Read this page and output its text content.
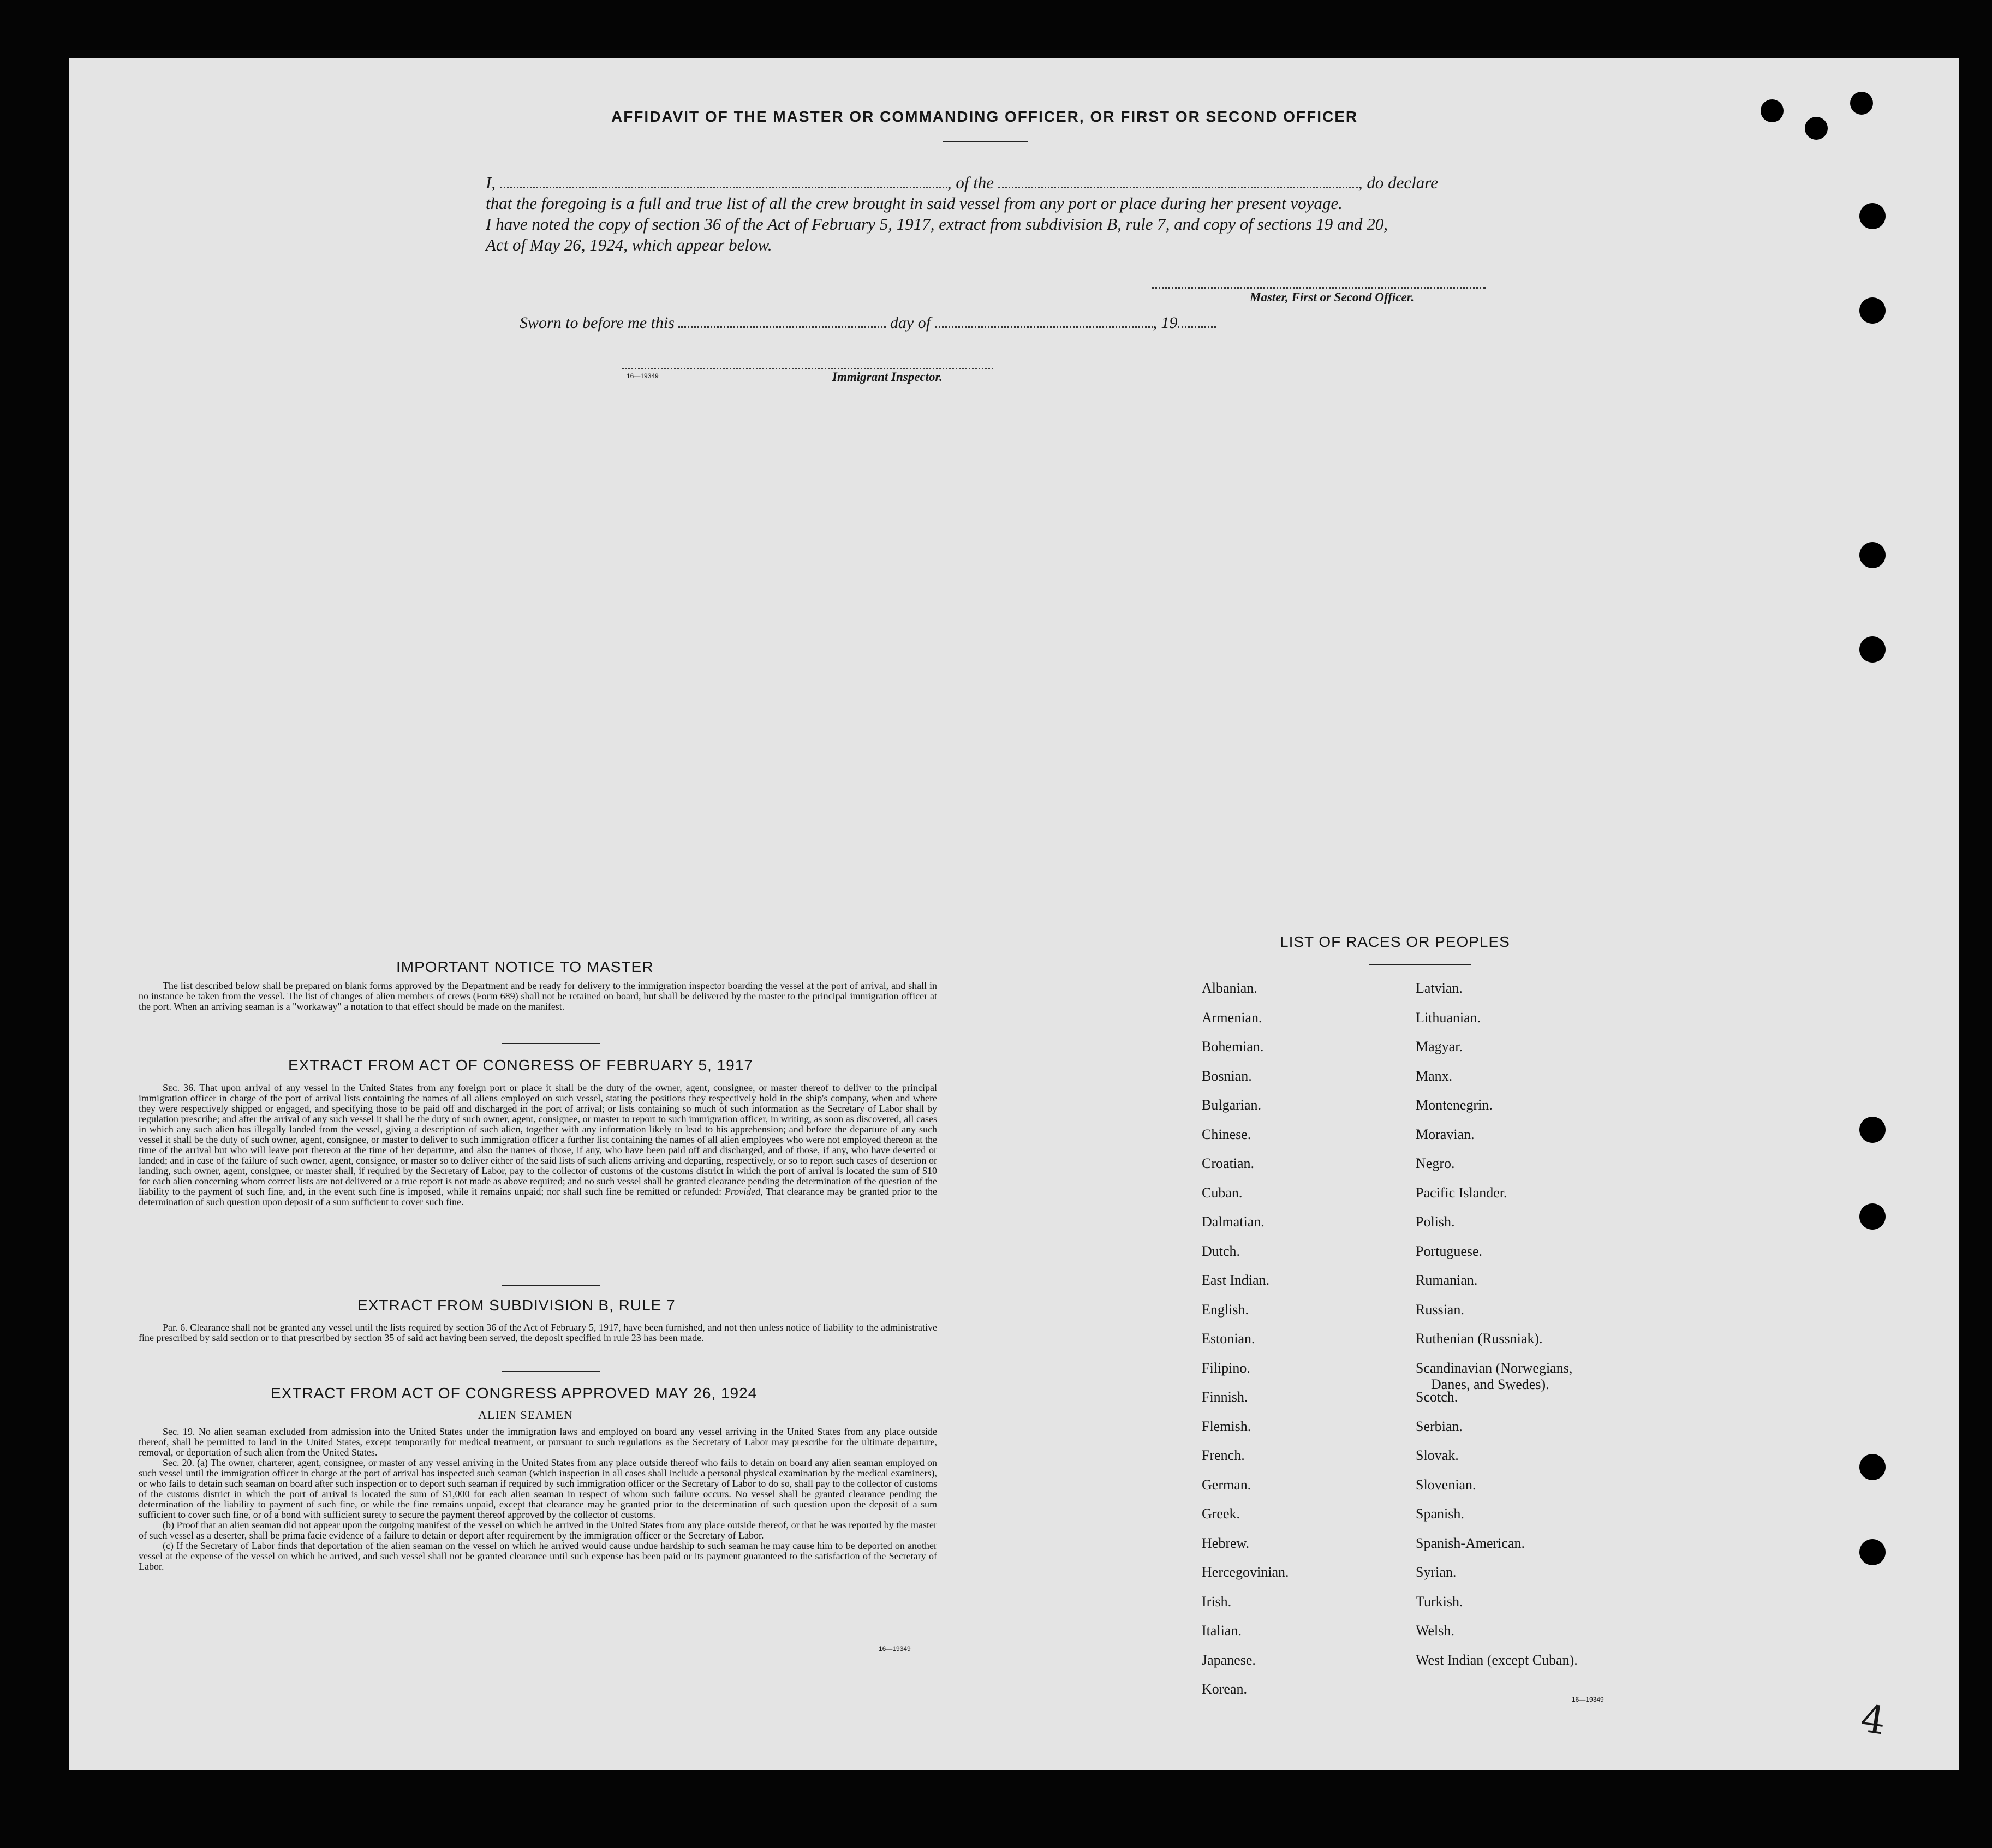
AFFIDAVIT OF THE MASTER OR COMMANDING OFFICER, OR FIRST OR SECOND OFFICER
I,	, of the	, do declare
that the foregoing is a full and true list of all the crew brought in said vessel from any port or place during her present voyage.
I have noted the copy of section 36 of the Act of February 5, 1917, extract from subdivision B, rule 7, and copy of sections 19 and 20,
Act of May 26, 1924, which appear below.
Master, First or Second Officer.
Sworn to before me this	day of	, 19
16—19349	Immigrant Inspector.
IMPORTANT NOTICE TO MASTER
The list described below shall be prepared on blank forms approved by the Department and be ready for delivery to the immigration inspector boarding the vessel at the port of arrival, and shall in no instance be taken from the vessel. The list of changes of alien members of crews (Form 689) shall not be retained on board, but shall be delivered by the master to the principal immigration officer at the port. When an arriving seaman is a "workaway" a notation to that effect should be made on the manifest.
EXTRACT FROM ACT OF CONGRESS OF FEBRUARY 5, 1917
Sec. 36. That upon arrival of any vessel in the United States from any foreign port or place it shall be the duty of the owner, agent, consignee, or master thereof to deliver to the principal immigration officer in charge of the port of arrival lists containing the names of all aliens employed on such vessel, stating the positions they respectively hold in the ship's company, when and where they were respectively shipped or engaged, and specifying those to be paid off and discharged in the port of arrival; or lists containing so much of such information as the Secretary of Labor shall by regulation prescribe; and after the arrival of any such vessel it shall be the duty of such owner, agent, consignee, or master to report to such immigration officer, in writing, as soon as discovered, all cases in which any such alien has illegally landed from the vessel, giving a description of such alien, together with any information likely to lead to his apprehension; and before the departure of any such vessel it shall be the duty of such owner, agent, consignee, or master to deliver to such immigration officer a further list containing the names of all alien employees who were not employed thereon at the time of the arrival but who will leave port thereon at the time of her departure, and also the names of those, if any, who have been paid off and discharged, and of those, if any, who have deserted or landed; and in case of the failure of such owner, agent, consignee, or master so to deliver either of the said lists of such aliens arriving and departing, respectively, or so to report such cases of desertion or landing, such owner, agent, consignee, or master shall, if required by the Secretary of Labor, pay to the collector of customs of the customs district in which the port of arrival is located the sum of $10 for each alien concerning whom correct lists are not delivered or a true report is not made as above required; and no such vessel shall be granted clearance pending the determination of the question of the liability to the payment of such fine, and, in the event such fine is imposed, while it remains unpaid; nor shall such fine be remitted or refunded: Provided, That clearance may be granted prior to the determination of such question upon deposit of a sum sufficient to cover such fine.
EXTRACT FROM SUBDIVISION B, RULE 7
Par. 6. Clearance shall not be granted any vessel until the lists required by section 36 of the Act of February 5, 1917, have been furnished, and not then unless notice of liability to the administrative fine prescribed by said section or to that prescribed by section 35 of said act having been served, the deposit specified in rule 23 has been made.
EXTRACT FROM ACT OF CONGRESS APPROVED MAY 26, 1924
ALIEN SEAMEN
Sec. 19. No alien seaman excluded from admission into the United States under the immigration laws and employed on board any vessel arriving in the United States from any place outside thereof, shall be permitted to land in the United States, except temporarily for medical treatment, or pursuant to such regulations as the Secretary of Labor may prescribe for the ultimate departure, removal, or deportation of such alien from the United States.
Sec. 20. (a) The owner, charterer, agent, consignee, or master of any vessel arriving in the United States from any place outside thereof who fails to detain on board any alien seaman employed on such vessel until the immigration officer in charge at the port of arrival has inspected such seaman (which inspection in all cases shall include a personal physical examination by the medical examiners), or who fails to detain such seaman on board after such inspection or to deport such seaman if required by such immigration officer or the Secretary of Labor to do so, shall pay to the collector of customs of the customs district in which the port of arrival is located the sum of $1,000 for each alien seaman in respect of whom such failure occurs. No vessel shall be granted clearance pending the determination of the liability to payment of such fine, or while the fine remains unpaid, except that clearance may be granted prior to the determination of such question upon the deposit of a sum sufficient to cover such fine, or of a bond with sufficient surety to secure the payment thereof approved by the collector of customs.
(b) Proof that an alien seaman did not appear upon the outgoing manifest of the vessel on which he arrived in the United States from any place outside thereof, or that he was reported by the master of such vessel as a deserter, shall be prima facie evidence of a failure to detain or deport after requirement by the immigration officer or the Secretary of Labor.
(c) If the Secretary of Labor finds that deportation of the alien seaman on the vessel on which he arrived would cause undue hardship to such seaman he may cause him to be deported on another vessel at the expense of the vessel on which he arrived, and such vessel shall not be granted clearance until such expense has been paid or its payment guaranteed to the satisfaction of the Secretary of Labor.
16—19349
LIST OF RACES OR PEOPLES
Albanian.
Armenian.
Bohemian.
Bosnian.
Bulgarian.
Chinese.
Croatian.
Cuban.
Dalmatian.
Dutch.
East Indian.
English.
Estonian.
Filipino.
Finnish.
Flemish.
French.
German.
Greek.
Hebrew.
Hercegovinian.
Irish.
Italian.
Japanese.
Korean.
Latvian.
Lithuanian.
Magyar.
Manx.
Montenegrin.
Moravian.
Negro.
Pacific Islander.
Polish.
Portuguese.
Rumanian.
Russian.
Ruthenian (Russniak).
Scandinavian (Norwegians,
Danes, and Swedes).
Scotch.
Serbian.
Slovak.
Slovenian.
Spanish.
Spanish-American.
Syrian.
Turkish.
Welsh.
West Indian (except Cuban).
16—19349	4
